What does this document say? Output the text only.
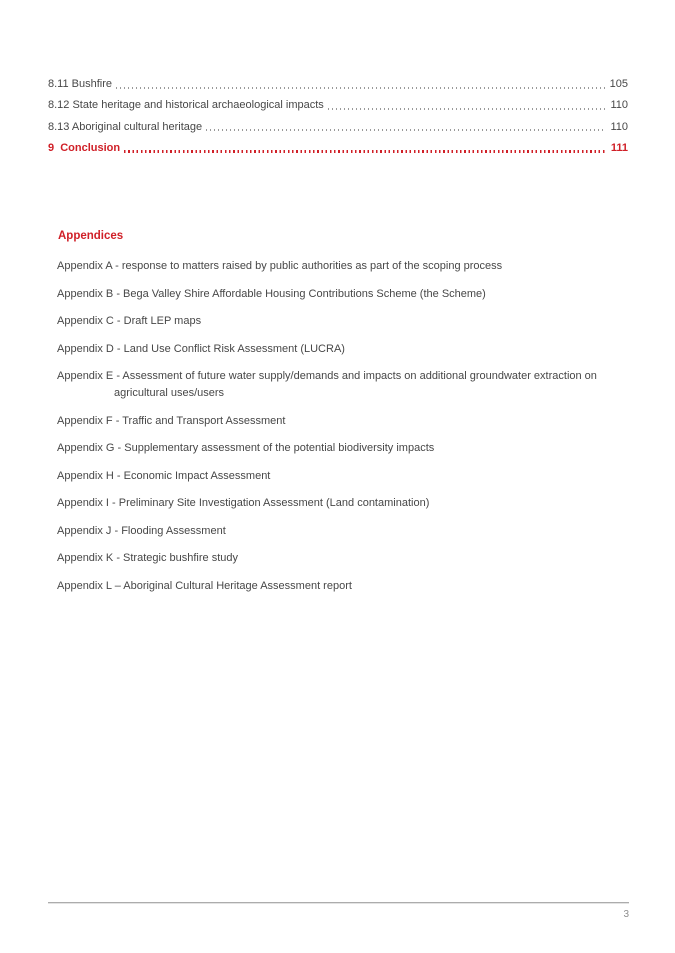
8.11 Bushfire	105
8.12 State heritage and historical archaeological impacts	110
8.13 Aboriginal cultural heritage	110
9  Conclusion	111
Appendices
Appendix A - response to matters raised by public authorities as part of the scoping process
Appendix B - Bega Valley Shire Affordable Housing Contributions Scheme (the Scheme)
Appendix C - Draft LEP maps
Appendix D - Land Use Conflict Risk Assessment (LUCRA)
Appendix E - Assessment of future water supply/demands and impacts on additional groundwater extraction on
agricultural uses/users
Appendix F - Traffic and Transport Assessment
Appendix G - Supplementary assessment of the potential biodiversity impacts
Appendix H - Economic Impact Assessment
Appendix I - Preliminary Site Investigation Assessment (Land contamination)
Appendix J - Flooding Assessment
Appendix K - Strategic bushfire study
Appendix L – Aboriginal Cultural Heritage Assessment report
3
